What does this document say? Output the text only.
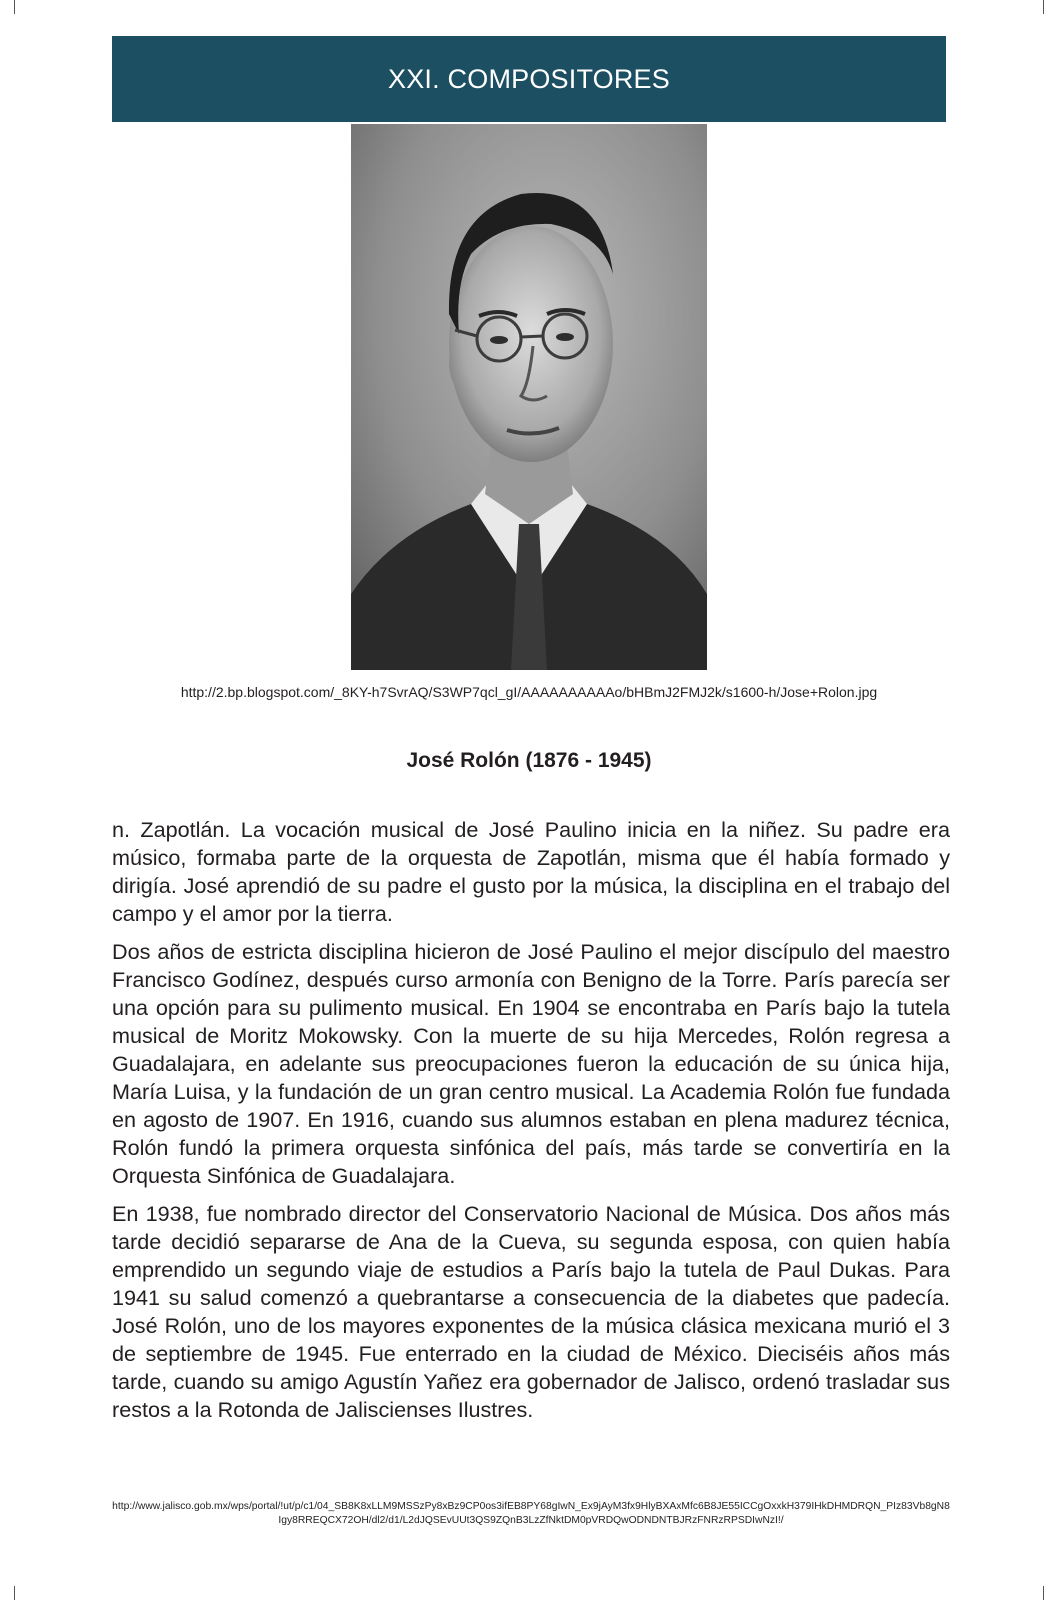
XXI. COMPOSITORES
http://2.bp.blogspot.com/_8KY-h7SvrAQ/S3WP7qcl_gI/AAAAAAAAAAo/bHBmJ2FMJ2k/s1600-h/Jose+Rolon.jpg
José Rolón (1876 - 1945)

n. Zapotlán. La vocación musical de José Paulino inicia en la niñez. Su padre era músico, formaba parte de la orquesta de Zapotlán, misma que él había formado y dirigía. José aprendió de su padre el gusto por la música, la disciplina en el trabajo del campo y el amor por la tierra.

Dos años de estricta disciplina hicieron de José Paulino el mejor discípulo del maestro Francisco Godínez, después curso armonía con Benigno de la Torre. París parecía ser una opción para su pulimento musical. En 1904 se encontraba en París bajo la tutela musical de Moritz Mokowsky. Con la muerte de su hija Mercedes, Rolón regresa a Guadalajara, en adelante sus preocupaciones fueron la educación de su única hija, María Luisa, y la fundación de un gran centro musical. La Academia Rolón fue fundada en agosto de 1907. En 1916, cuando sus alumnos estaban en plena madurez técnica, Rolón fundó la primera orquesta sinfónica del país, más tarde se convertiría en la Orquesta Sinfónica de Guadalajara.

En 1938, fue nombrado director del Conservatorio Nacional de Música. Dos años más tarde decidió separarse de Ana de la Cueva, su segunda esposa, con quien había emprendido un segundo viaje de estudios a París bajo la tutela de Paul Dukas. Para 1941 su salud comenzó a quebrantarse a consecuencia de la diabetes que padecía. José Rolón, uno de los mayores exponentes de la música clásica mexicana murió el 3 de septiembre de 1945. Fue enterrado en la ciudad de México. Dieciséis años más tarde, cuando su amigo Agustín Yañez era gobernador de Jalisco, ordenó trasladar sus restos a la Rotonda de Jaliscienses Ilustres.

http://www.jalisco.gob.mx/wps/portal/!ut/p/c1/04_SB8K8xLLM9MSSzPy8xBz9CP0os3ifEB8PY68gIwN_Ex9jAyM3fx9HlyBXAxMfc6B8JE55ICCgOxxkH379IHkDHMDRQN_PIz83Vb8gN8Igy8RREQCX72OH/dl2/d1/L2dJQSEvUUt3QS9ZQnB3LzZfNktDM0pVRDQwODNDNTBJRzFNRzRPSDIwNzI!/
